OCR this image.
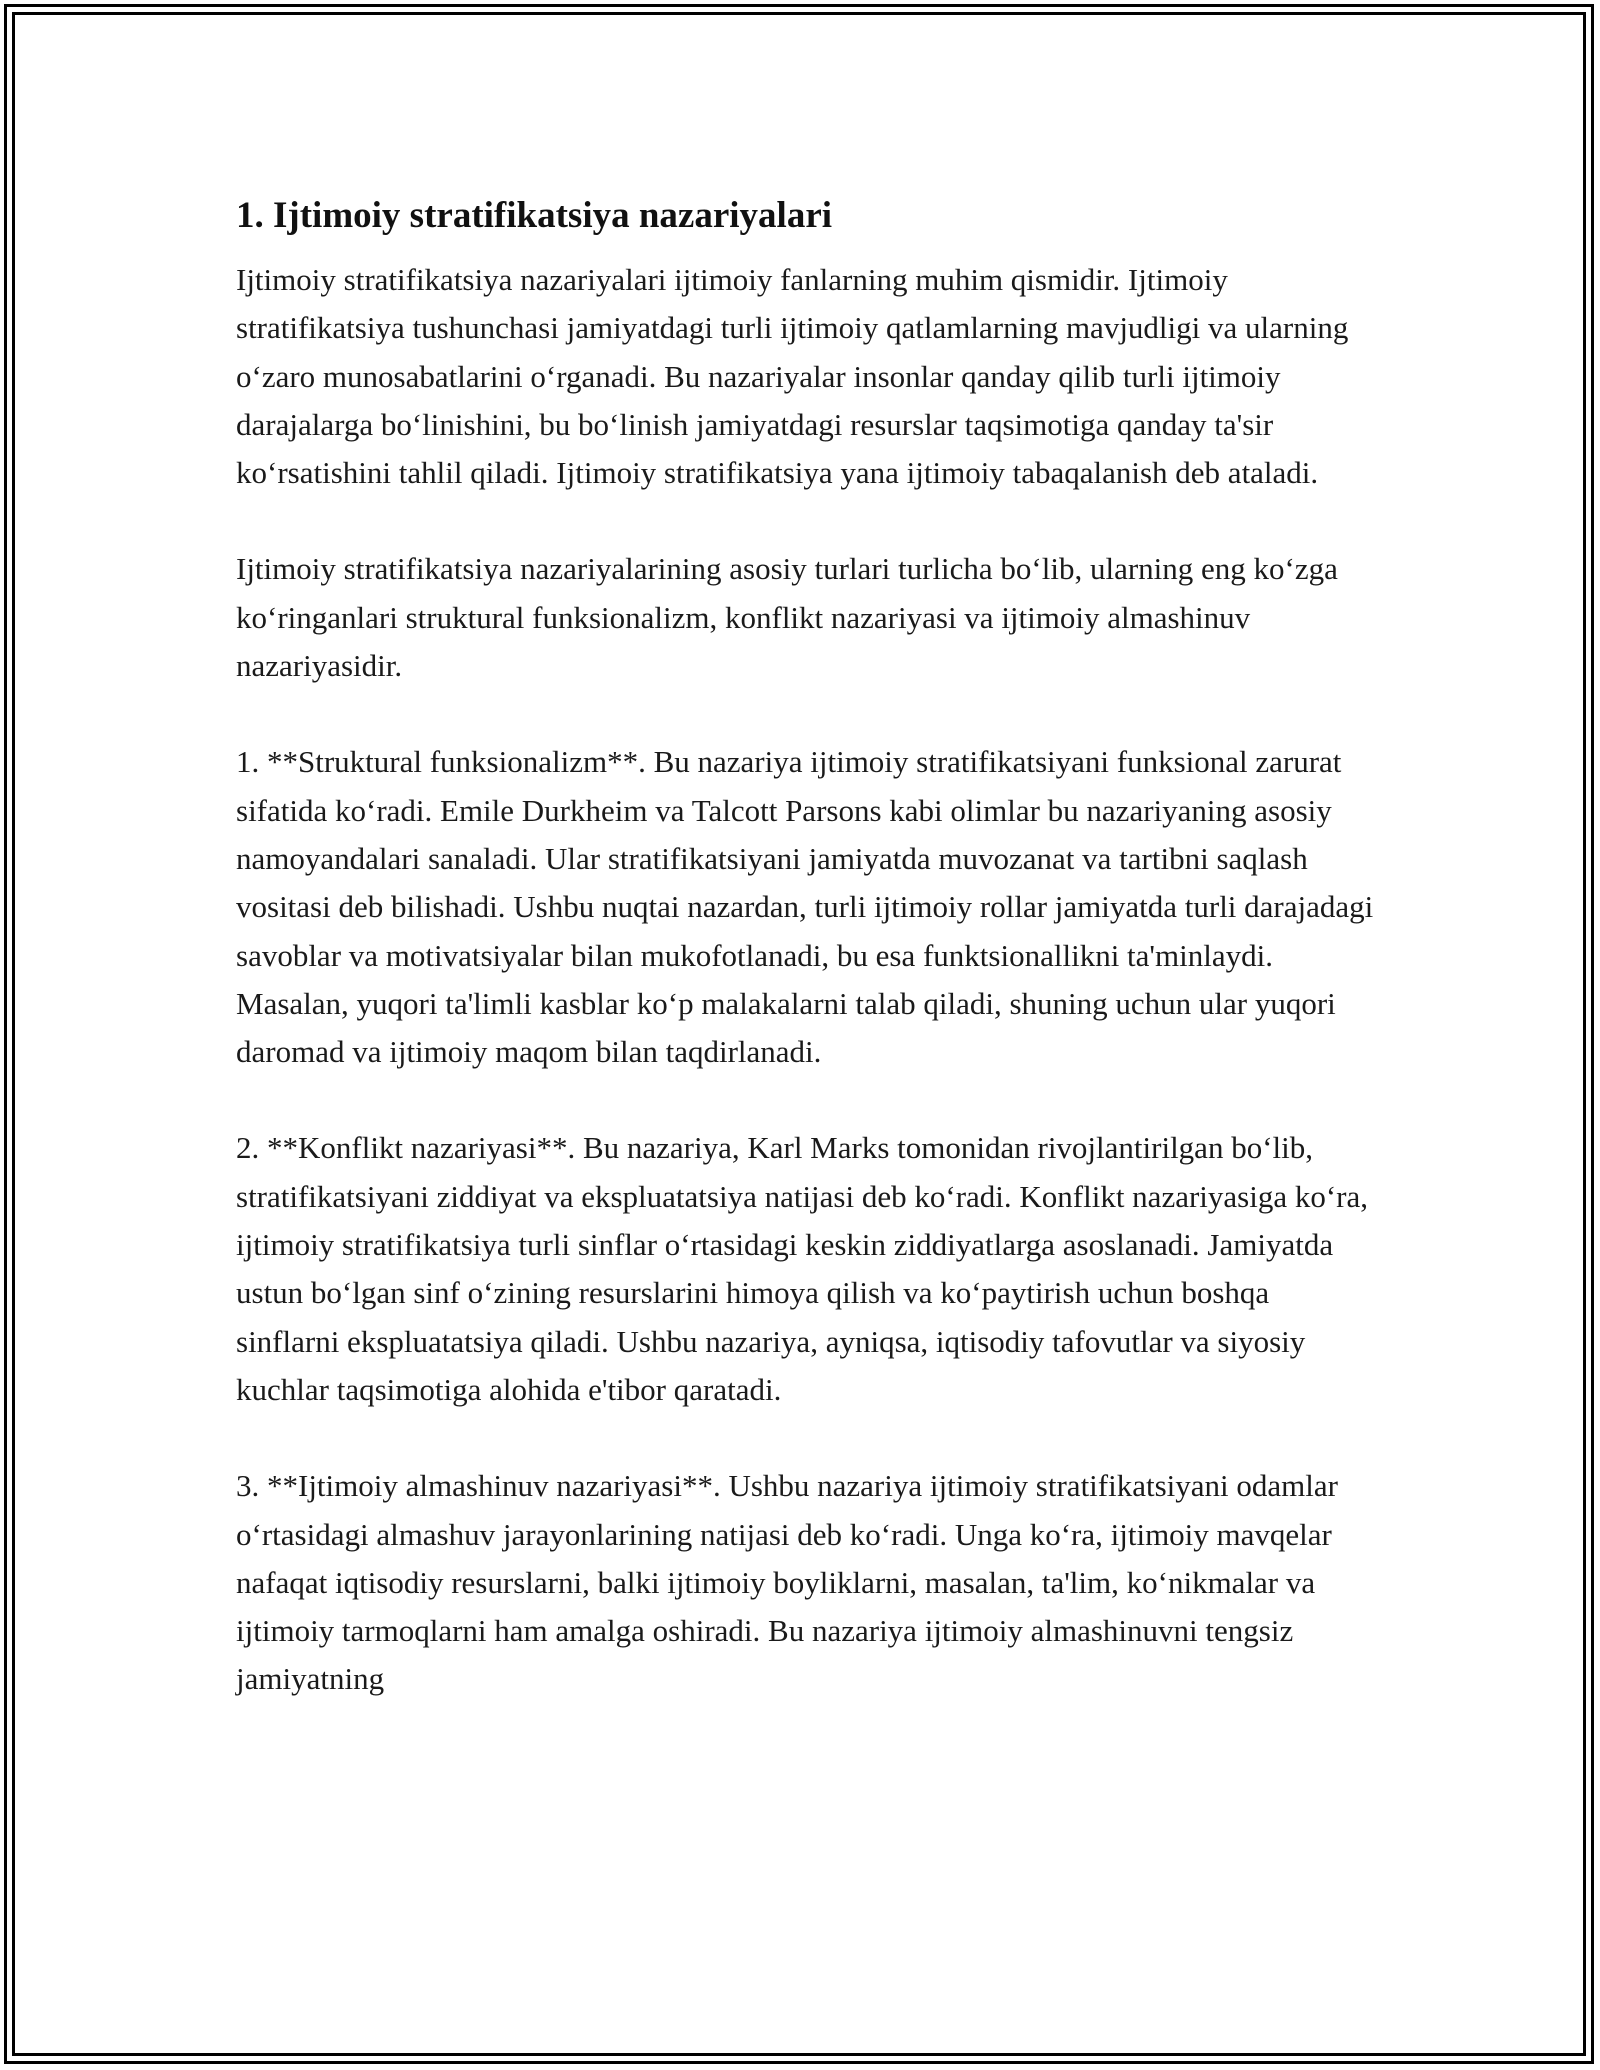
1. Ijtimoiy stratifikatsiya nazariyalari

Ijtimoiy stratifikatsiya nazariyalari ijtimoiy fanlarning muhim qismidir. Ijtimoiy stratifikatsiya tushunchasi jamiyatdagi turli ijtimoiy qatlamlarning mavjudligi va ularning o‘zaro munosabatlarini o‘rganadi. Bu nazariyalar insonlar qanday qilib turli ijtimoiy darajalarga bo‘linishini, bu bo‘linish jamiyatdagi resurslar taqsimotiga qanday ta'sir ko‘rsatishini tahlil qiladi. Ijtimoiy stratifikatsiya yana ijtimoiy tabaqalanish deb ataladi.

Ijtimoiy stratifikatsiya nazariyalarining asosiy turlari turlicha bo‘lib, ularning eng ko‘zga ko‘ringanlari struktural funksionalizm, konflikt nazariyasi va ijtimoiy almashinuv nazariyasidir.

1. **Struktural funksionalizm**. Bu nazariya ijtimoiy stratifikatsiyani funksional zarurat sifatida ko‘radi. Emile Durkheim va Talcott Parsons kabi olimlar bu nazariyaning asosiy namoyandalari sanaladi. Ular stratifikatsiyani jamiyatda muvozanat va tartibni saqlash vositasi deb bilishadi. Ushbu nuqtai nazardan, turli ijtimoiy rollar jamiyatda turli darajadagi savoblar va motivatsiyalar bilan mukofotlanadi, bu esa funktsionallikni ta'minlaydi. Masalan, yuqori ta'limli kasblar ko‘p malakalarni talab qiladi, shuning uchun ular yuqori daromad va ijtimoiy maqom bilan taqdirlanadi.

2. **Konflikt nazariyasi**. Bu nazariya, Karl Marks tomonidan rivojlantirilgan bo‘lib, stratifikatsiyani ziddiyat va ekspluatatsiya natijasi deb ko‘radi. Konflikt nazariyasiga ko‘ra, ijtimoiy stratifikatsiya turli sinflar o‘rtasidagi keskin ziddiyatlarga asoslanadi. Jamiyatda ustun bo‘lgan sinf o‘zining resurslarini himoya qilish va ko‘paytirish uchun boshqa sinflarni ekspluatatsiya qiladi. Ushbu nazariya, ayniqsa, iqtisodiy tafovutlar va siyosiy kuchlar taqsimotiga alohida e'tibor qaratadi.

3. **Ijtimoiy almashinuv nazariyasi**. Ushbu nazariya ijtimoiy stratifikatsiyani odamlar o‘rtasidagi almashuv jarayonlarining natijasi deb ko‘radi. Unga ko‘ra, ijtimoiy mavqelar nafaqat iqtisodiy resurslarni, balki ijtimoiy boyliklarni, masalan, ta'lim, ko‘nikmalar va ijtimoiy tarmoqlarni ham amalga oshiradi. Bu nazariya ijtimoiy almashinuvni tengsiz jamiyatning
